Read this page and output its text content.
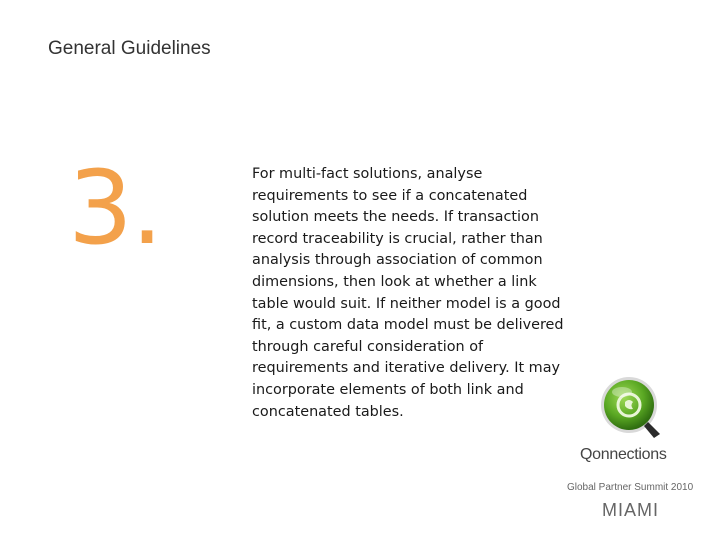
General Guidelines
3.	For multi-fact solutions, analyse requirements to see if a concatenated solution meets the needs. If transaction record traceability is crucial, rather than analysis through association of common dimensions, then look at whether a link table would suit. If neither model is a good fit, a custom data model must be delivered through careful consideration of requirements and iterative delivery. It may incorporate elements of both link and concatenated tables.
Qonnections
Global Partner Summit 2010
MIAMI
